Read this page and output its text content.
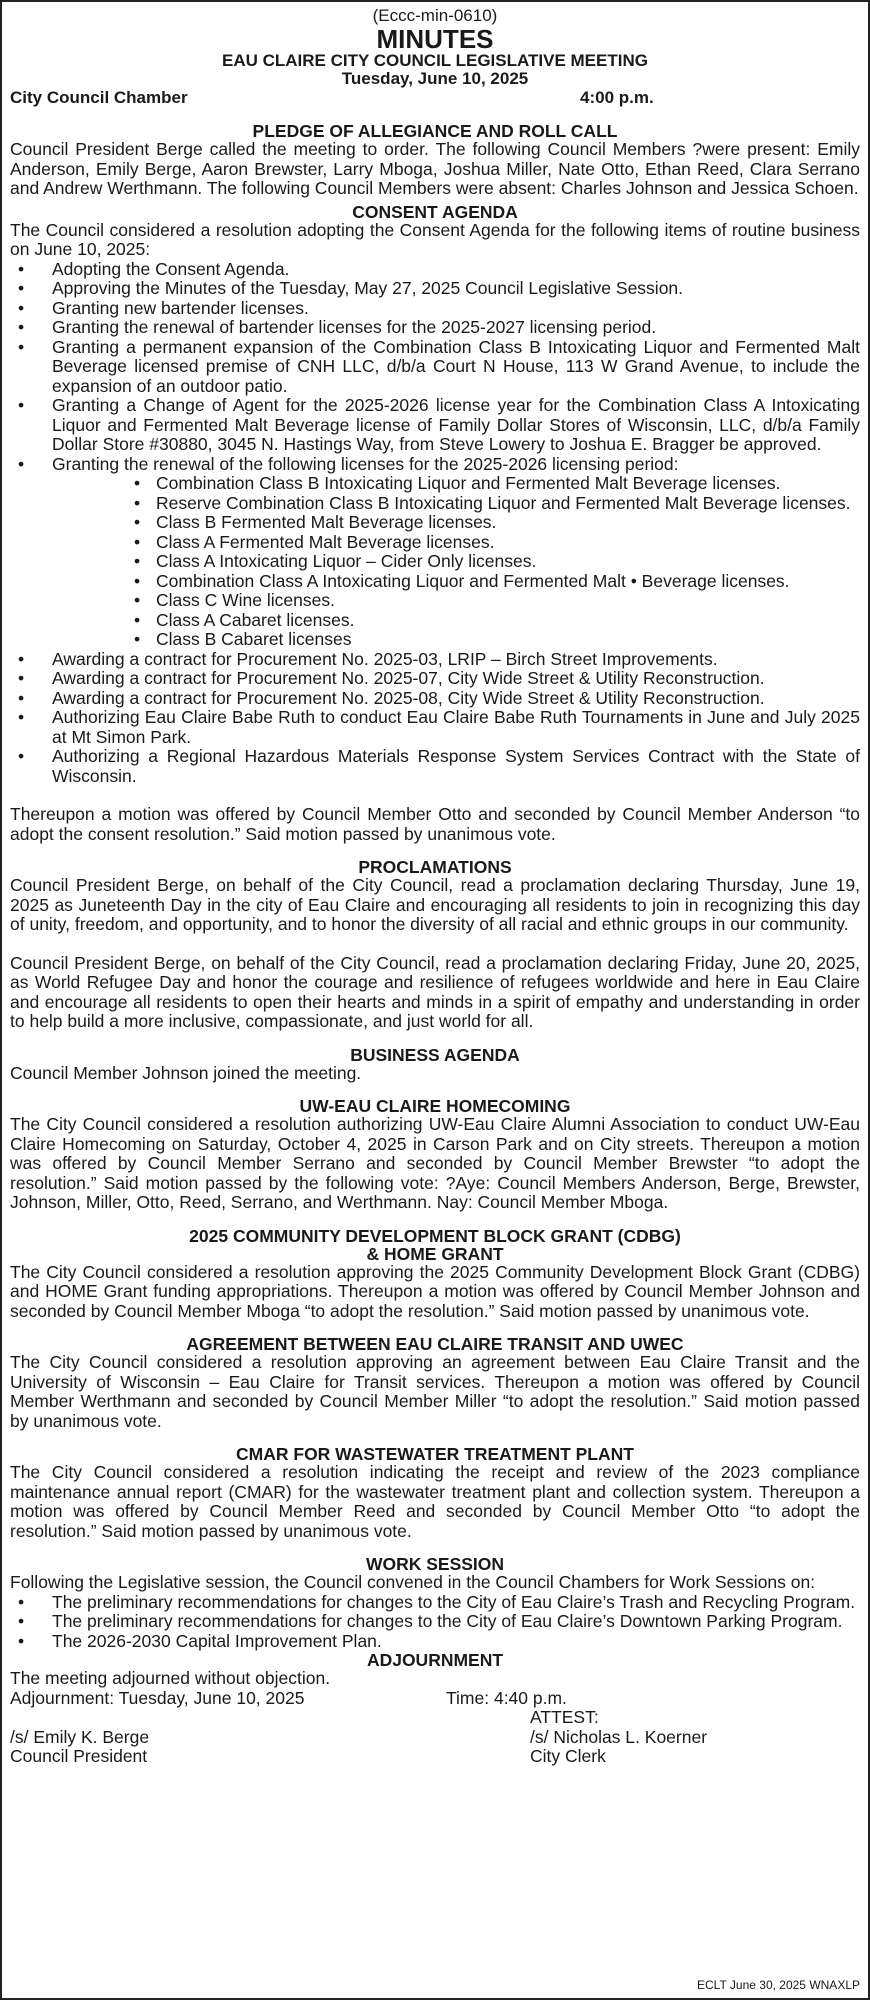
(Eccc-min-0610)
MINUTES
EAU CLAIRE CITY COUNCIL LEGISLATIVE MEETING
Tuesday, June 10, 2025
City Council Chamber	4:00 p.m.
PLEDGE OF ALLEGIANCE AND ROLL CALL

Council President Berge called the meeting to order. The following Council Members ?were present: Emily Anderson, Emily Berge, Aaron Brewster, Larry Mboga, Joshua Miller, Nate Otto, Ethan Reed, Clara Serrano and Andrew Werthmann. The following Council Members were absent: Charles Johnson and Jessica Schoen.

CONSENT AGENDA

The Council considered a resolution adopting the Consent Agenda for the following items of routine business on June 10, 2025:

• Adopting the Consent Agenda.
• Approving the Minutes of the Tuesday, May 27, 2025 Council Legislative Session.
• Granting new bartender licenses.
• Granting the renewal of bartender licenses for the 2025-2027 licensing period.
• Granting a permanent expansion of the Combination Class B Intoxicating Liquor and Fermented Malt Beverage licensed premise of CNH LLC, d/b/a Court N House, 113 W Grand Avenue, to include the expansion of an outdoor patio.
• Granting a Change of Agent for the 2025-2026 license year for the Combination Class A Intoxicating Liquor and Fermented Malt Beverage license of Family Dollar Stores of Wisconsin, LLC, d/b/a Family Dollar Store #30880, 3045 N. Hastings Way, from Steve Lowery to Joshua E. Bragger be approved.
• Granting the renewal of the following licenses for the 2025-2026 licensing period:
• Combination Class B Intoxicating Liquor and Fermented Malt Beverage licenses.
• Reserve Combination Class B Intoxicating Liquor and Fermented Malt Beverage licenses.
• Class B Fermented Malt Beverage licenses.
• Class A Fermented Malt Beverage licenses.
• Class A Intoxicating Liquor – Cider Only licenses.
• Combination Class A Intoxicating Liquor and Fermented Malt • Beverage licenses.
• Class C Wine licenses.
• Class A Cabaret licenses.
• Class B Cabaret licenses
• Awarding a contract for Procurement No. 2025-03, LRIP – Birch Street Improvements.
• Awarding a contract for Procurement No. 2025-07, City Wide Street & Utility Reconstruction.
• Awarding a contract for Procurement No. 2025-08, City Wide Street & Utility Reconstruction.
• Authorizing Eau Claire Babe Ruth to conduct Eau Claire Babe Ruth Tournaments in June and July 2025 at Mt Simon Park.
• Authorizing a Regional Hazardous Materials Response System Services Contract with the State of Wisconsin.

Thereupon a motion was offered by Council Member Otto and seconded by Council Member Anderson “to adopt the consent resolution.” Said motion passed by unanimous vote.

PROCLAMATIONS

Council President Berge, on behalf of the City Council, read a proclamation declaring Thursday, June 19, 2025 as Juneteenth Day in the city of Eau Claire and encouraging all residents to join in recognizing this day of unity, freedom, and opportunity, and to honor the diversity of all racial and ethnic groups in our community.

Council President Berge, on behalf of the City Council, read a proclamation declaring Friday, June 20, 2025, as World Refugee Day and honor the courage and resilience of refugees worldwide and here in Eau Claire and encourage all residents to open their hearts and minds in a spirit of empathy and understanding in order to help build a more inclusive, compassionate, and just world for all.

BUSINESS AGENDA

Council Member Johnson joined the meeting.

UW-EAU CLAIRE HOMECOMING

The City Council considered a resolution authorizing UW-Eau Claire Alumni Association to conduct UW-Eau Claire Homecoming on Saturday, October 4, 2025 in Carson Park and on City streets. Thereupon a motion was offered by Council Member Serrano and seconded by Council Member Brewster “to adopt the resolution.” Said motion passed by the following vote: ?Aye: Council Members Anderson, Berge, Brewster, Johnson, Miller, Otto, Reed, Serrano, and Werthmann. Nay: Council Member Mboga.

2025 COMMUNITY DEVELOPMENT BLOCK GRANT (CDBG)
& HOME GRANT

The City Council considered a resolution approving the 2025 Community Development Block Grant (CDBG) and HOME Grant funding appropriations. Thereupon a motion was offered by Council Member Johnson and seconded by Council Member Mboga “to adopt the resolution.” Said motion passed by unanimous vote.

AGREEMENT BETWEEN EAU CLAIRE TRANSIT AND UWEC

The City Council considered a resolution approving an agreement between Eau Claire Transit and the University of Wisconsin – Eau Claire for Transit services. Thereupon a motion was offered by Council Member Werthmann and seconded by Council Member Miller “to adopt the resolution.” Said motion passed by unanimous vote.

CMAR FOR WASTEWATER TREATMENT PLANT

The City Council considered a resolution indicating the receipt and review of the 2023 compliance maintenance annual report (CMAR) for the wastewater treatment plant and collection system. Thereupon a motion was offered by Council Member Reed and seconded by Council Member Otto “to adopt the resolution.” Said motion passed by unanimous vote.

WORK SESSION

Following the Legislative session, the Council convened in the Council Chambers for Work Sessions on:

• The preliminary recommendations for changes to the City of Eau Claire’s Trash and Recycling Program.
• The preliminary recommendations for changes to the City of Eau Claire’s Downtown Parking Program.
• The 2026-2030 Capital Improvement Plan.
ADJOURNMENT

The meeting adjourned without objection.

Adjournment: Tuesday, June 10, 2025	Time: 4:40 p.m.
ATTEST:
/s/ Emily K. Berge	/s/ Nicholas L. Koerner
Council President	City Clerk
ECLT June 30, 2025 WNAXLP
